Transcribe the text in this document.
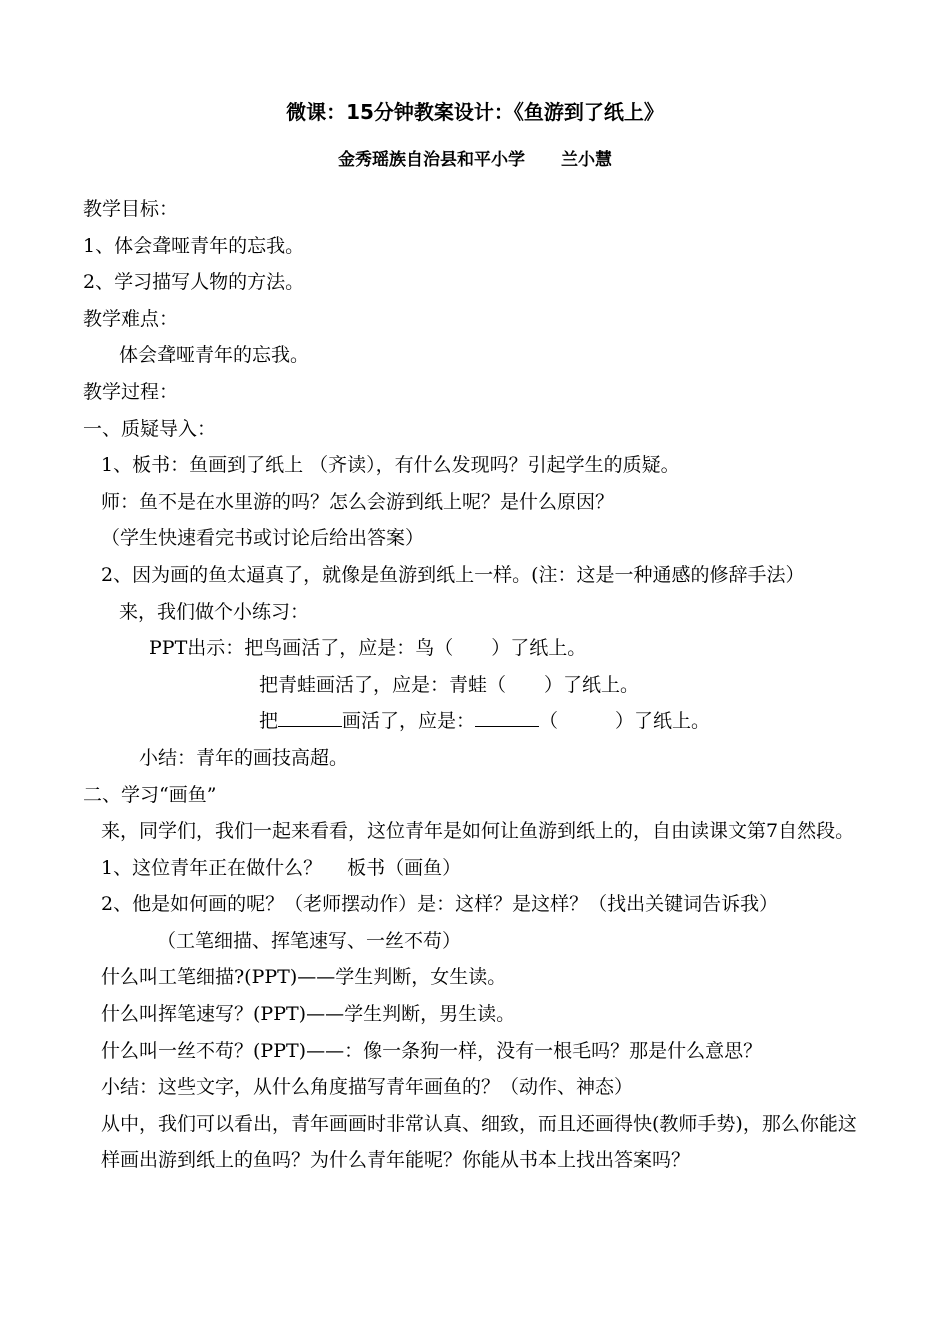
微课：15分钟教案设计：《鱼游到了纸上》
金秀瑶族自治县和平小学 兰小慧
教学目标：
1、体会聋哑青年的忘我。
2、学习描写人物的方法。
教学难点：
体会聋哑青年的忘我。
教学过程：
一、质疑导入：
1、板书：鱼画到了纸上 （齐读），有什么发现吗？引起学生的质疑。
师：鱼不是在水里游的吗？怎么会游到纸上呢？是什么原因？
（学生快速看完书或讨论后给出答案）
2、因为画的鱼太逼真了，就像是鱼游到纸上一样。(注：这是一种通感的修辞手法）
来，我们做个小练习：
PPT出示：把鸟画活了，应是：鸟（　　）了纸上。
把青蛙画活了，应是：青蛙（　　）了纸上。
把	画活了，应是：	（　　　）了纸上。
小结：青年的画技高超。
二、学习“画鱼”
来，同学们，我们一起来看看，这位青年是如何让鱼游到纸上的，自由读课文第7自然段。
1、这位青年正在做什么？　 板书（画鱼）
2、他是如何画的呢？（老师摆动作）是：这样？是这样？（找出关键词告诉我）
（工笔细描、挥笔速写、一丝不苟）
什么叫工笔细描?(PPT)——学生判断，女生读。
什么叫挥笔速写？(PPT)——学生判断，男生读。
什么叫一丝不苟？(PPT)——：像一条狗一样，没有一根毛吗？那是什么意思？
小结：这些文字，从什么角度描写青年画鱼的？（动作、神态）
从中，我们可以看出，青年画画时非常认真、细致，而且还画得快(教师手势)，那么你能这样画出游到纸上的鱼吗？为什么青年能呢？你能从书本上找出答案吗？
